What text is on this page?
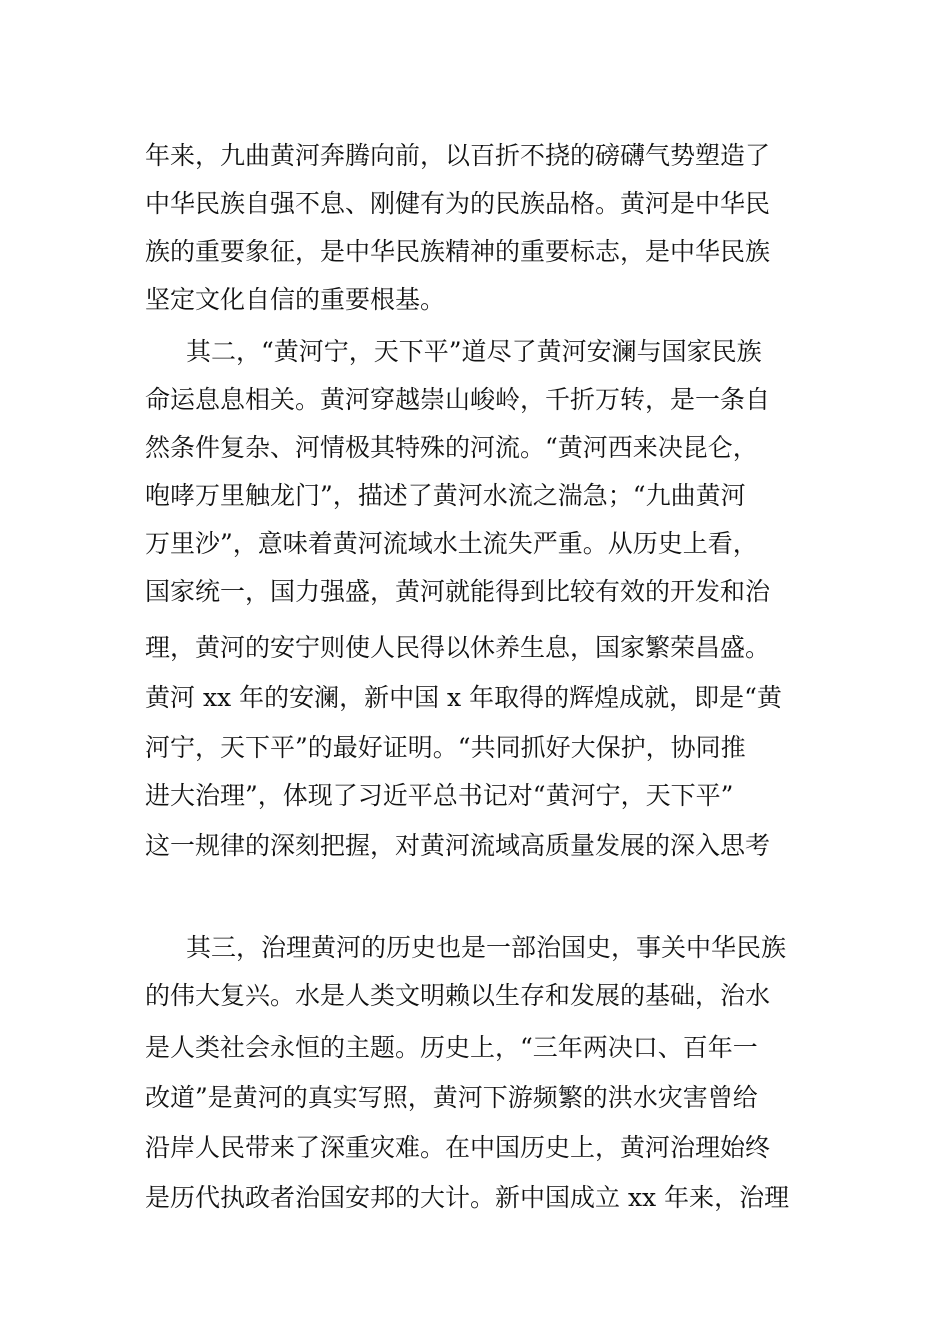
年来，九曲黄河奔腾向前，以百折不挠的磅礴气势塑造了
中华民族自强不息、刚健有为的民族品格。黄河是中华民
族的重要象征，是中华民族精神的重要标志，是中华民族
坚定文化自信的重要根基。
其二，“黄河宁，天下平”道尽了黄河安澜与国家民族
命运息息相关。黄河穿越崇山峻岭，千折万转，是一条自
然条件复杂、河情极其特殊的河流。“黄河西来决昆仑，
咆哮万里触龙门”，描述了黄河水流之湍急；“九曲黄河
万里沙”，意味着黄河流域水土流失严重。从历史上看，
国家统一，国力强盛，黄河就能得到比较有效的开发和治
理，黄河的安宁则使人民得以休养生息，国家繁荣昌盛。
黄河 xx 年的安澜，新中国 x 年取得的辉煌成就，即是“黄
河宁，天下平”的最好证明。“共同抓好大保护，协同推
进大治理”，体现了习近平总书记对“黄河宁，天下平”
这一规律的深刻把握，对黄河流域高质量发展的深入思考
其三，治理黄河的历史也是一部治国史，事关中华民族
的伟大复兴。水是人类文明赖以生存和发展的基础，治水
是人类社会永恒的主题。历史上，“三年两决口、百年一
改道”是黄河的真实写照，黄河下游频繁的洪水灾害曾给
沿岸人民带来了深重灾难。在中国历史上，黄河治理始终
是历代执政者治国安邦的大计。新中国成立 xx 年来，治理
